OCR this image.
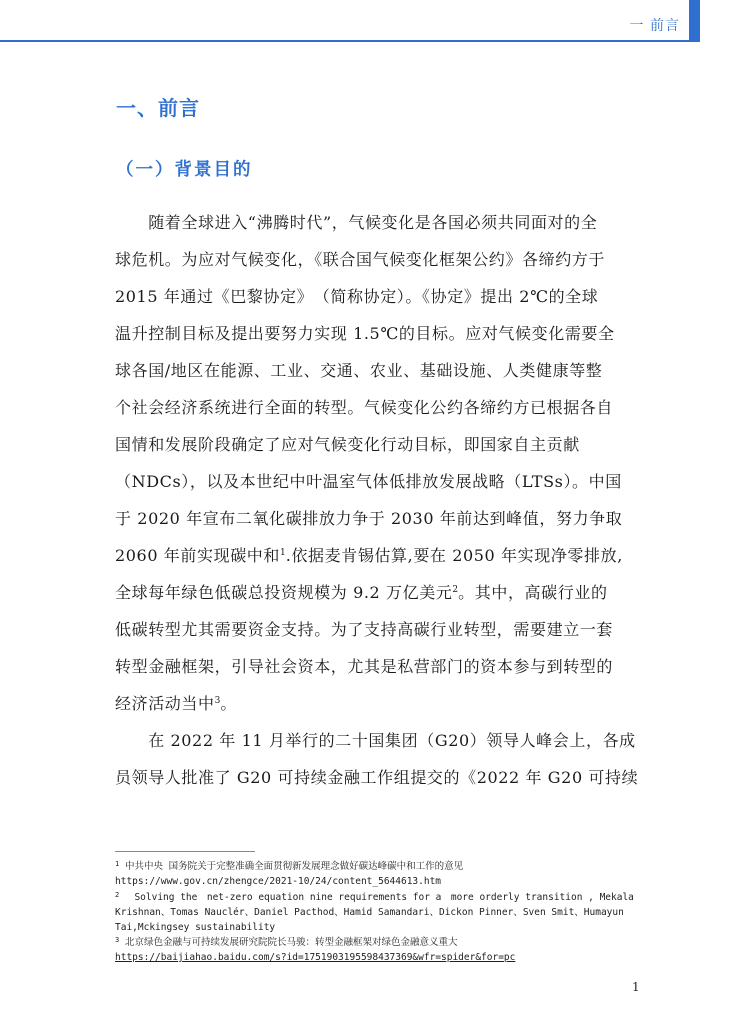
一 前言
一、前言
（一）背景目的
　　随着全球进入“沸腾时代”，气候变化是各国必须共同面对的全
球危机。为应对气候变化，《联合国气候变化框架公约》各缔约方于
2015 年通过《巴黎协定》　（简称协定）。《协定》提出 2℃的全球
温升控制目标及提出要努力实现 1.5℃的目标。应对气候变化需要全
球各国/地区在能源、工业、交通、农业、基础设施、人类健康等整
个社会经济系统进行全面的转型。气候变化公约各缔约方已根据各自
国情和发展阶段确定了应对气候变化行动目标，即国家自主贡献
（NDCs），以及本世纪中叶温室气体低排放发展战略（LTSs）。中国
于 2020 年宣布二氧化碳排放力争于 2030 年前达到峰值，努力争取
2060 年前实现碳中和$^1$.依据麦肯锡估算,要在 2050 年实现净零排放,
全球每年绿色低碳总投资规模为 9.2 万亿美元$^2$。其中，高碳行业的
低碳转型尤其需要资金支持。为了支持高碳行业转型，需要建立一套
转型金融框架，引导社会资本，尤其是私营部门的资本参与到转型的
经济活动当中$^3$。
　　在 2022 年 11 月举行的二十国集团（G20）领导人峰会上，各成
员领导人批准了 G20 可持续金融工作组提交的《2022 年 G20 可持续
$^1$ 中共中央 国务院关于完整准确全面贯彻新发展理念做好碳达峰碳中和工作的意见
https://www.gov.cn/zhengce/2021-10/24/content_5644613.htm
$^2$ 　Solving the　net-zero equation nine requirements for a　more orderly transition , Mekala
Krishnan、Tomas Nauclér、Daniel Pacthod、Hamid Samandari、Dickon Pinner、Sven Smit、Humayun
Tai,Mckingsey sustainability
$^3$ 北京绿色金融与可持续发展研究院院长马骏：转型金融框架对绿色金融意义重大
https://baijiahao.baidu.com/s?id=1751903195598437369&wfr=spider&for=pc
1
